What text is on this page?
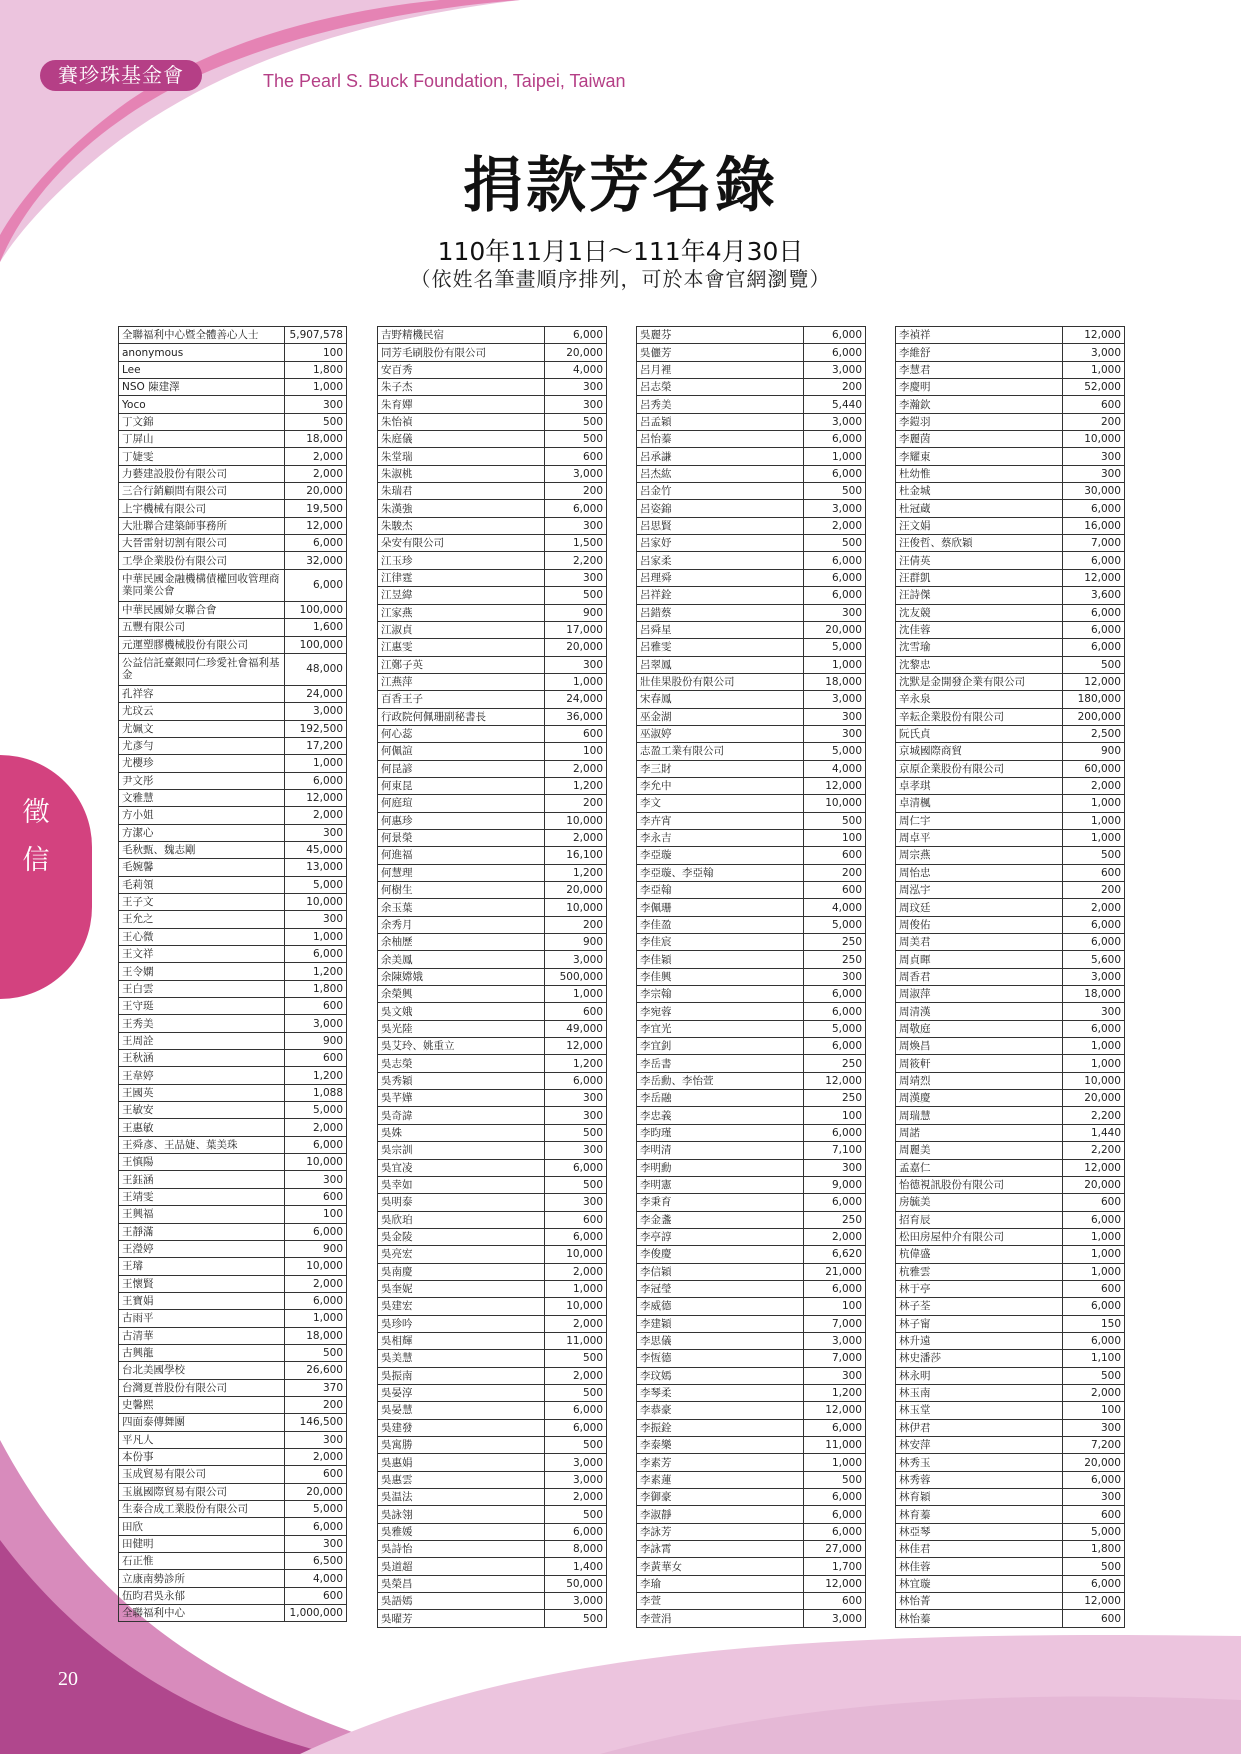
賽珍珠基金會	The Pearl S. Buck Foundation, Taipei, Taiwan
捐款芳名錄
110年11月1日～111年4月30日
（依姓名筆畫順序排列，可於本會官網瀏覽）
徵信
20
全聯福利中心暨全體善心人士	5,907,578
anonymous	100
Lee	1,800
NSO 陳建澤	1,000
Yoco	300
丁文錦	500
丁屏山	18,000
丁婕雯	2,000
力藝建設股份有限公司	2,000
三合行銷顧問有限公司	20,000
上宇機械有限公司	19,500
大壯聯合建築師事務所	12,000
大晉雷射切割有限公司	6,000
工學企業股份有限公司	32,000
中華民國金融機構債權回收管理商業同業公會	6,000
中華民國婦女聯合會	100,000
五豐有限公司	1,600
元運塑膠機械股份有限公司	100,000
公益信託臺銀同仁珍愛社會福利基金	48,000
孔祥容	24,000
尤玟云	3,000
尤姵文	192,500
尤彥勻	17,200
尤櫻珍	1,000
尹文彤	6,000
文雅慧	12,000
方小姐	2,000
方潔心	300
毛秋甄、魏志剛	45,000
毛婉馨	13,000
毛莉領	5,000
王子文	10,000
王允之	300
王心微	1,000
王文祥	6,000
王令嫻	1,200
王白雲	1,800
王守珽	600
王秀美	3,000
王周詮	900
王秋涵	600
王韋婷	1,200
王國英	1,088
王敏安	5,000
王惠敏	2,000
王舜彥、王品婕、葉美珠	6,000
王慎陽	10,000
王鈺涵	300
王靖雯	600
王興福	100
王靜滿	6,000
王瀅婷	900
王璿	10,000
王懷賢	2,000
王寶娟	6,000
古雨平	1,000
古清華	18,000
古興龍	500
台北美國學校	26,600
台灣夏普股份有限公司	370
史馨熙	200
四面泰傳舞團	146,500
平凡人	300
本份事	2,000
玉成貿易有限公司	600
玉嵐國際貿易有限公司	20,000
生泰合成工業股份有限公司	5,000
田欣	6,000
田健明	300
石正惟	6,500
立康南勢診所	4,000
伍昀君吳永郁	600
全聯福利中心	1,000,000
吉野精機民宿	6,000
同芳毛刷股份有限公司	20,000
安百秀	4,000
朱子杰	300
朱育嬋	300
朱怡禎	500
朱庭儀	500
朱堂瑞	600
朱淑桃	3,000
朱瑞君	200
朱漢強	6,000
朱駿杰	300
朵安有限公司	1,500
江玉珍	2,200
江律霆	300
江昱緯	500
江家燕	900
江淑貞	17,000
江惠雯	20,000
江鄭子英	300
江燕萍	1,000
百香王子	24,000
行政院何佩珊副秘書長	36,000
何心蕊	600
何佩諠	100
何昆諺	2,000
何東昆	1,200
何庭瑄	200
何惠珍	10,000
何景榮	2,000
何進福	16,100
何慧理	1,200
何樹生	20,000
余玉葉	10,000
余秀月	200
余柚歷	900
余美鳳	3,000
余陳嫦娥	500,000
余榮興	1,000
吳文娥	600
吳光陸	49,000
吳艾玲、姚重立	12,000
吳志榮	1,200
吳秀穎	6,000
吳芊嬅	300
吳奇諱	300
吳姝	500
吳宗訓	300
吳宜凌	6,000
吳幸如	500
吳明泰	300
吳欣珀	600
吳金陵	6,000
吳亮宏	10,000
吳南慶	2,000
吳奎妮	1,000
吳建宏	10,000
吳珍吟	2,000
吳相輝	11,000
吳美慧	500
吳振南	2,000
吳晏淳	500
吳晏慧	6,000
吳建發	6,000
吳寓勝	500
吳惠娟	3,000
吳惠雲	3,000
吳温法	2,000
吳詠翎	500
吳雅媛	6,000
吳詩怡	8,000
吳道超	1,400
吳榮昌	50,000
吳語嫣	3,000
吳曜芳	500
吳麗芬	6,000
吳儷芳	6,000
呂月裡	3,000
呂志榮	200
呂秀美	5,440
呂孟穎	3,000
呂怡蓁	6,000
呂承謙	1,000
呂杰紘	6,000
呂金竹	500
呂姿錦	3,000
呂思賢	2,000
呂家妤	500
呂家柔	6,000
呂理舜	6,000
呂祥銓	6,000
呂錯蔡	300
呂舜星	20,000
呂雅雯	5,000
呂翠鳳	1,000
壯佳果股份有限公司	18,000
宋春鳳	3,000
巫金湖	300
巫淑婷	300
志盈工業有限公司	5,000
李三財	4,000
李允中	12,000
李文	10,000
李卉宵	500
李永吉	100
李亞璇	600
李亞璇、李亞翰	200
李亞翰	600
李佩珊	4,000
李佳盈	5,000
李佳宸	250
李佳穎	250
李佳興	300
李宗翰	6,000
李宛蓉	6,000
李宜光	5,000
李宜釗	6,000
李岳書	250
李岳勳、李怡萱	12,000
李岳融	250
李忠義	100
李昀瑾	6,000
李明清	7,100
李明勳	300
李明憲	9,000
李秉育	6,000
李金盞	250
李亭諄	2,000
李俊慶	6,620
李信穎	21,000
李冠瑩	6,000
李威德	100
李建穎	7,000
李思儀	3,000
李恆德	7,000
李玟嫣	300
李琴柔	1,200
李恭豪	12,000
李振銓	6,000
李泰樂	11,000
李素芳	1,000
李素蓮	500
李御豪	6,000
李淑靜	6,000
李詠芳	6,000
李詠霄	27,000
李黃華女	1,700
李瑜	12,000
李萱	600
李萱涓	3,000
李禎祥	12,000
李維舒	3,000
李慧君	1,000
李慶明	52,000
李瀚欽	600
李鎧羽	200
李麗茵	10,000
李耀東	300
杜幼惟	300
杜金城	30,000
杜冠蔵	6,000
汪文娟	16,000
汪俊哲、蔡欣穎	7,000
汪倩英	6,000
汪群凱	12,000
汪詩傑	3,600
沈友競	6,000
沈佳蓉	6,000
沈雪瑜	6,000
沈黎忠	500
沈默是金開發企業有限公司	12,000
辛永泉	180,000
辛耘企業股份有限公司	200,000
阮氏貞	2,500
京城國際商貿	900
京原企業股份有限公司	60,000
卓孝琪	2,000
卓清楓	1,000
周仁宇	1,000
周卓平	1,000
周宗燕	500
周怡忠	600
周泓宇	200
周玟廷	2,000
周俊佑	6,000
周美君	6,000
周貞暉	5,600
周香君	3,000
周淑萍	18,000
周清漢	300
周敬庭	6,000
周煥昌	1,000
周筱軒	1,000
周靖烈	10,000
周漢慶	20,000
周瑞慧	2,200
周諾	1,440
周麗美	2,200
孟嘉仁	12,000
怡德視訊股份有限公司	20,000
房毓美	600
招育辰	6,000
松田房屋仲介有限公司	1,000
杭偉盛	1,000
杭雅雲	1,000
林于亭	600
林子荃	6,000
林子甯	150
林升遠	6,000
林史潘莎	1,100
林永明	500
林玉南	2,000
林玉堂	100
林伊君	300
林安萍	7,200
林秀玉	20,000
林秀蓉	6,000
林育穎	300
林育蓁	600
林亞琴	5,000
林佳君	1,800
林佳蓉	500
林宜璇	6,000
林怡菁	12,000
林怡蓁	600
